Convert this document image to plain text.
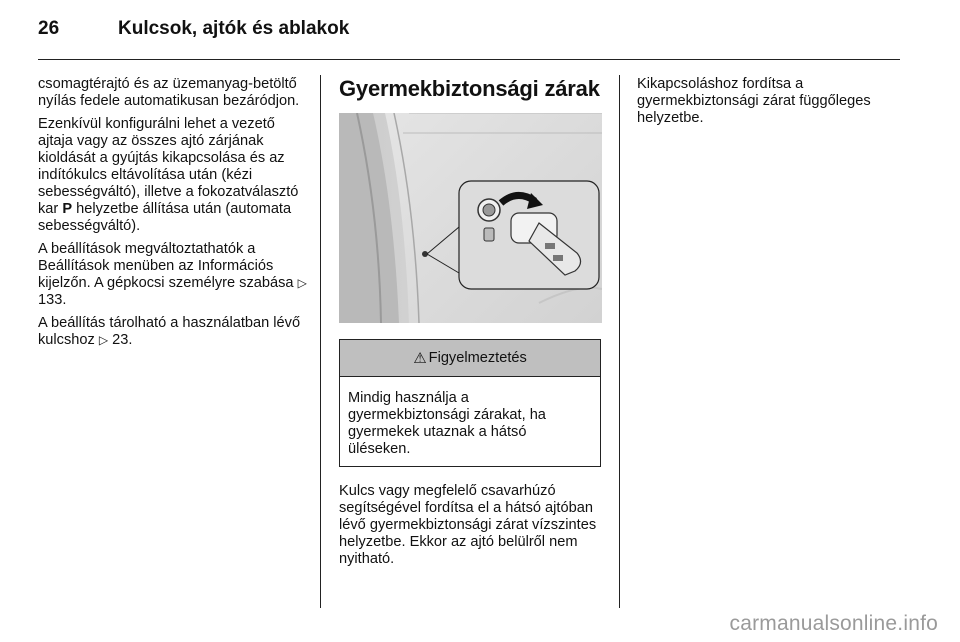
26	Kulcsok, ajtók és ablakok

csomagtérajtó és az üzemanyag-betöltő nyílás fedele automatikusan bezáródjon.

Ezenkívül konfigurálni lehet a vezető ajtaja vagy az összes ajtó zárjának kioldását a gyújtás kikapcsolása és az indítókulcs eltávolítása után (kézi sebességváltó), illetve a fokozatválasztó kar P helyzetbe állítása után (automata sebességváltó).

A beállítások megváltoztathatók a Beállítások menüben az Információs kijelzőn. A gépkocsi személyre szabása ▷ 133.

A beállítás tárolható a használatban lévő kulcshoz ▷ 23.

Gyermekbiztonsági zárak
⚠ Figyelmeztetés
Mindig használja a gyermekbiztonsági zárakat, ha gyermekek utaznak a hátsó üléseken.

Kulcs vagy megfelelő csavarhúzó segítségével fordítsa el a hátsó ajtóban lévő gyermekbiztonsági zárat vízszintes helyzetbe. Ekkor az ajtó belülről nem nyitható.

Kikapcsoláshoz fordítsa a gyermekbiztonsági zárat függőleges helyzetbe.

carmanualsonline.info
